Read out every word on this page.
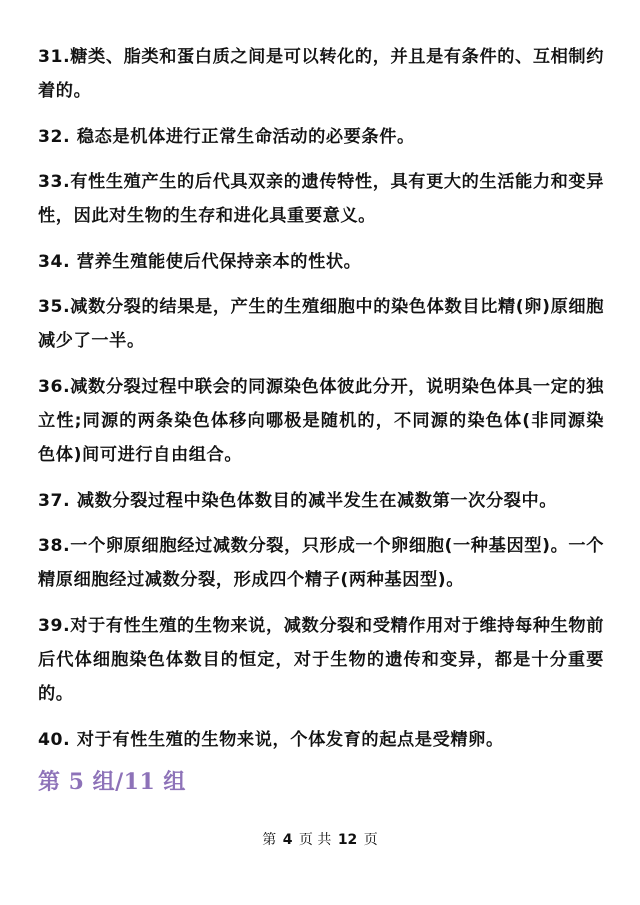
31.糖类、脂类和蛋白质之间是可以转化的，并且是有条件的、互相制约着的。

32. 稳态是机体进行正常生命活动的必要条件。

33.有性生殖产生的后代具双亲的遗传特性，具有更大的生活能力和变异性，因此对生物的生存和进化具重要意义。

34. 营养生殖能使后代保持亲本的性状。

35.减数分裂的结果是，产生的生殖细胞中的染色体数目比精(卵)原细胞减少了一半。

36.减数分裂过程中联会的同源染色体彼此分开，说明染色体具一定的独立性;同源的两条染色体移向哪极是随机的，不同源的染色体(非同源染色体)间可进行自由组合。

37. 减数分裂过程中染色体数目的减半发生在减数第一次分裂中。

38.一个卵原细胞经过减数分裂，只形成一个卵细胞(一种基因型)。一个精原细胞经过减数分裂，形成四个精子(两种基因型)。

39.对于有性生殖的生物来说，减数分裂和受精作用对于维持每种生物前后代体细胞染色体数目的恒定，对于生物的遗传和变异，都是十分重要的。

40. 对于有性生殖的生物来说，个体发育的起点是受精卵。

第 5 组/11 组
第 4 页 共 12 页
